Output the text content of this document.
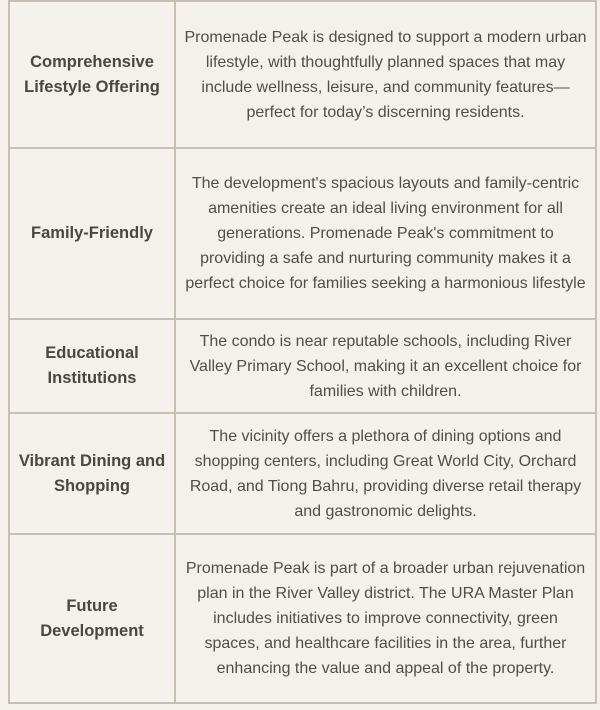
Comprehensive Lifestyle Offering	Promenade Peak is designed to support a modern urban lifestyle, with thoughtfully planned spaces that may include wellness, leisure, and community features—perfect for today’s discerning residents.
Family-Friendly	The development's spacious layouts and family-centric amenities create an ideal living environment for all generations. Promenade Peak's commitment to providing a safe and nurturing community makes it a perfect choice for families seeking a harmonious lifestyle
Educational Institutions	The condo is near reputable schools, including River Valley Primary School, making it an excellent choice for families with children.
Vibrant Dining and Shopping	The vicinity offers a plethora of dining options and shopping centers, including Great World City, Orchard Road, and Tiong Bahru, providing diverse retail therapy and gastronomic delights.
Future Development	Promenade Peak is part of a broader urban rejuvenation plan in the River Valley district. The URA Master Plan includes initiatives to improve connectivity, green spaces, and healthcare facilities in the area, further enhancing the value and appeal of the property.
